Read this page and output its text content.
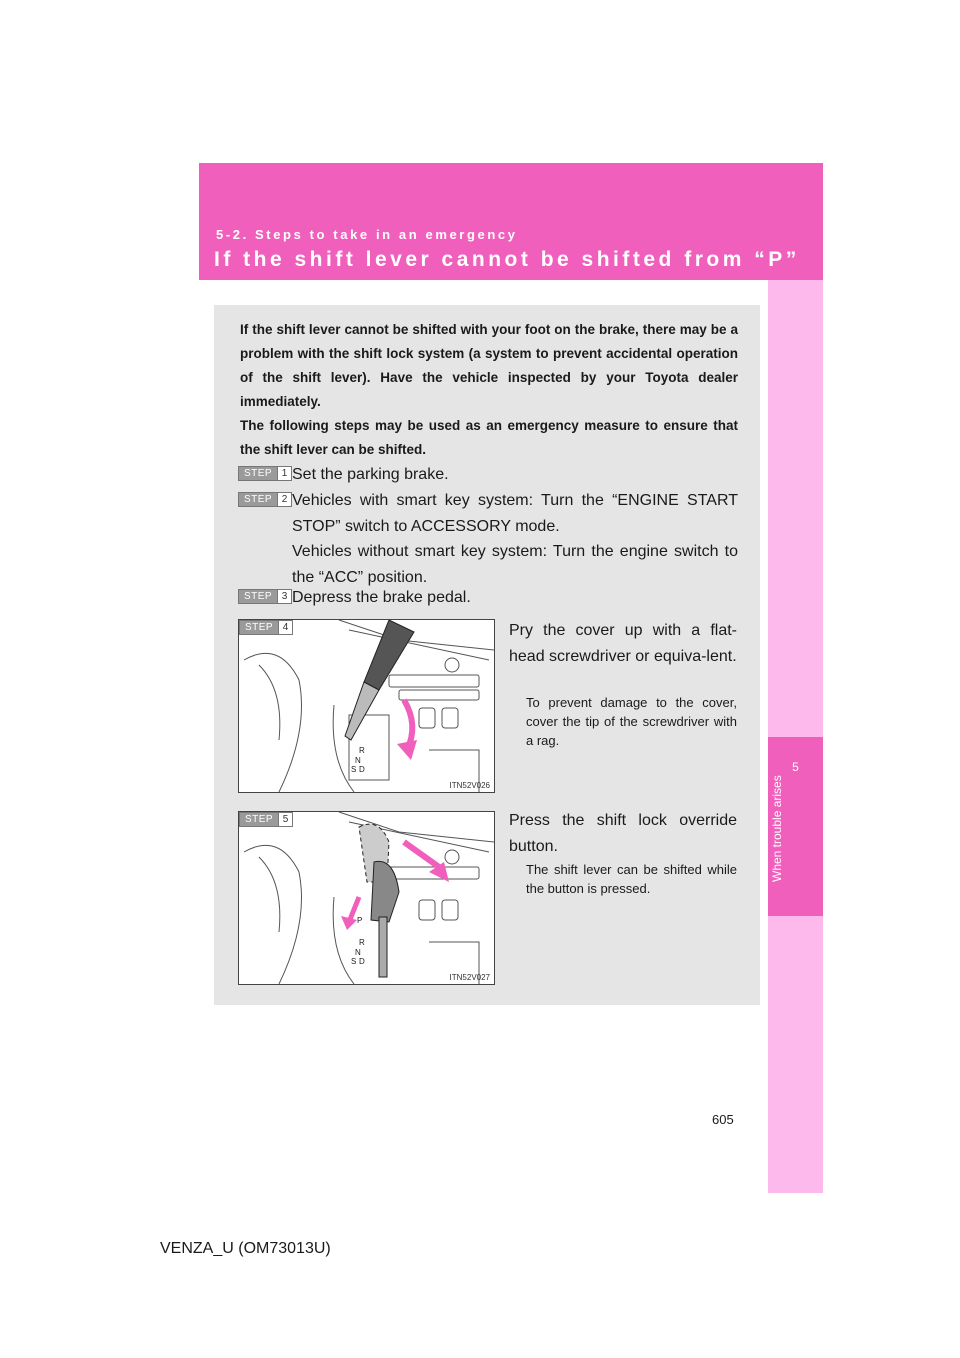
5-2. Steps to take in an emergency
If the shift lever cannot be shifted from “P”
5
When trouble arises

If the shift lever cannot be shifted with your foot on the brake, there may be a problem with the shift lock system (a system to prevent accidental operation of the shift lever). Have the vehicle inspected by your Toyota dealer immediately.

The following steps may be used as an emergency measure to ensure that the shift lever can be shifted.

STEP 1 Set the parking brake.
STEP 2 Vehicles with smart key system: Turn the “ENGINE START STOP” switch to ACCESSORY mode.
Vehicles without smart key system: Turn the engine switch to the “ACC” position.
STEP 3 Depress the brake pedal.
STEP 4
R
N
S D
ITN52V026
Pry the cover up with a flat-head screwdriver or equiva-lent.
To prevent damage to the cover, cover the tip of the screwdriver with a rag.
STEP 5
P
R
N
S D
ITN52V027
Press the shift lock override button.
The shift lever can be shifted while the button is pressed.
605
VENZA_U (OM73013U)
